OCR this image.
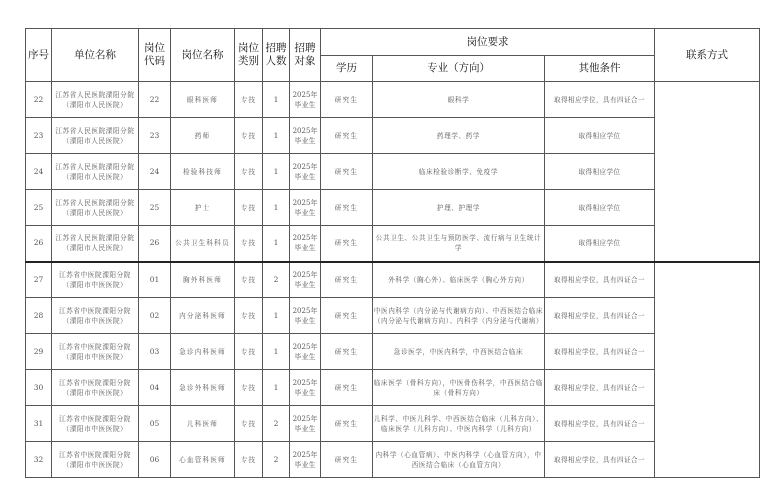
序号	单位名称	岗位代码	岗位名称	岗位类别	招聘人数	招聘对象	岗位要求			联系方式
							学历	专业（方向）	其他条件	
22	江苏省人民医院溧阳分院（溧阳市人民医院）	22	眼科医师	专技	1	2025年毕业生	研究生	眼科学	取得相应学位，具有四证合一	
23	江苏省人民医院溧阳分院（溧阳市人民医院）	23	药师	专技	1	2025年毕业生	研究生	药理学、药学	取得相应学位	
24	江苏省人民医院溧阳分院（溧阳市人民医院）	24	检验科技师	专技	1	2025年毕业生	研究生	临床检验诊断学、免疫学	取得相应学位	
25	江苏省人民医院溧阳分院（溧阳市人民医院）	25	护士	专技	1	2025年毕业生	研究生	护理、护理学	取得相应学位	
26	江苏省人民医院溧阳分院（溧阳市人民医院）	26	公共卫生科科员	专技	1	2025年毕业生	研究生	公共卫生、公共卫生与预防医学、流行病与卫生统计学	取得相应学位	
27	江苏省中医院溧阳分院（溧阳市中医医院）	01	胸外科医师	专技	2	2025年毕业生	研究生	外科学（胸心外）、临床医学（胸心外方向）	取得相应学位，具有四证合一	
28	江苏省中医院溧阳分院（溧阳市中医医院）	02	内分泌科医师	专技	1	2025年毕业生	研究生	中医内科学（内分泌与代谢病方向）、中西医结合临床（内分泌与代谢病方向）、内科学（内分泌与代谢病）	取得相应学位，具有四证合一	
29	江苏省中医院溧阳分院（溧阳市中医医院）	03	急诊内科医师	专技	1	2025年毕业生	研究生	急诊医学，中医内科学，中西医结合临床	取得相应学位，具有四证合一	
30	江苏省中医院溧阳分院（溧阳市中医医院）	04	急诊外科医师	专技	1	2025年毕业生	研究生	临床医学（骨科方向），中医骨伤科学，中西医结合临床（骨科方向）	取得相应学位，具有四证合一	
31	江苏省中医院溧阳分院（溧阳市中医医院）	05	儿科医师	专技	2	2025年毕业生	研究生	儿科学、中医儿科学、中西医结合临床（儿科方向）、临床医学（儿科方向）、中医内科学（儿科方向）	取得相应学位，具有四证合一	
32	江苏省中医院溧阳分院（溧阳市中医医院）	06	心血管科医师	专技	2	2025年毕业生	研究生	内科学（心血管病）、中医内科学（心血管方向），中西医结合临床（心血管方向）	取得相应学位，具有四证合一	
